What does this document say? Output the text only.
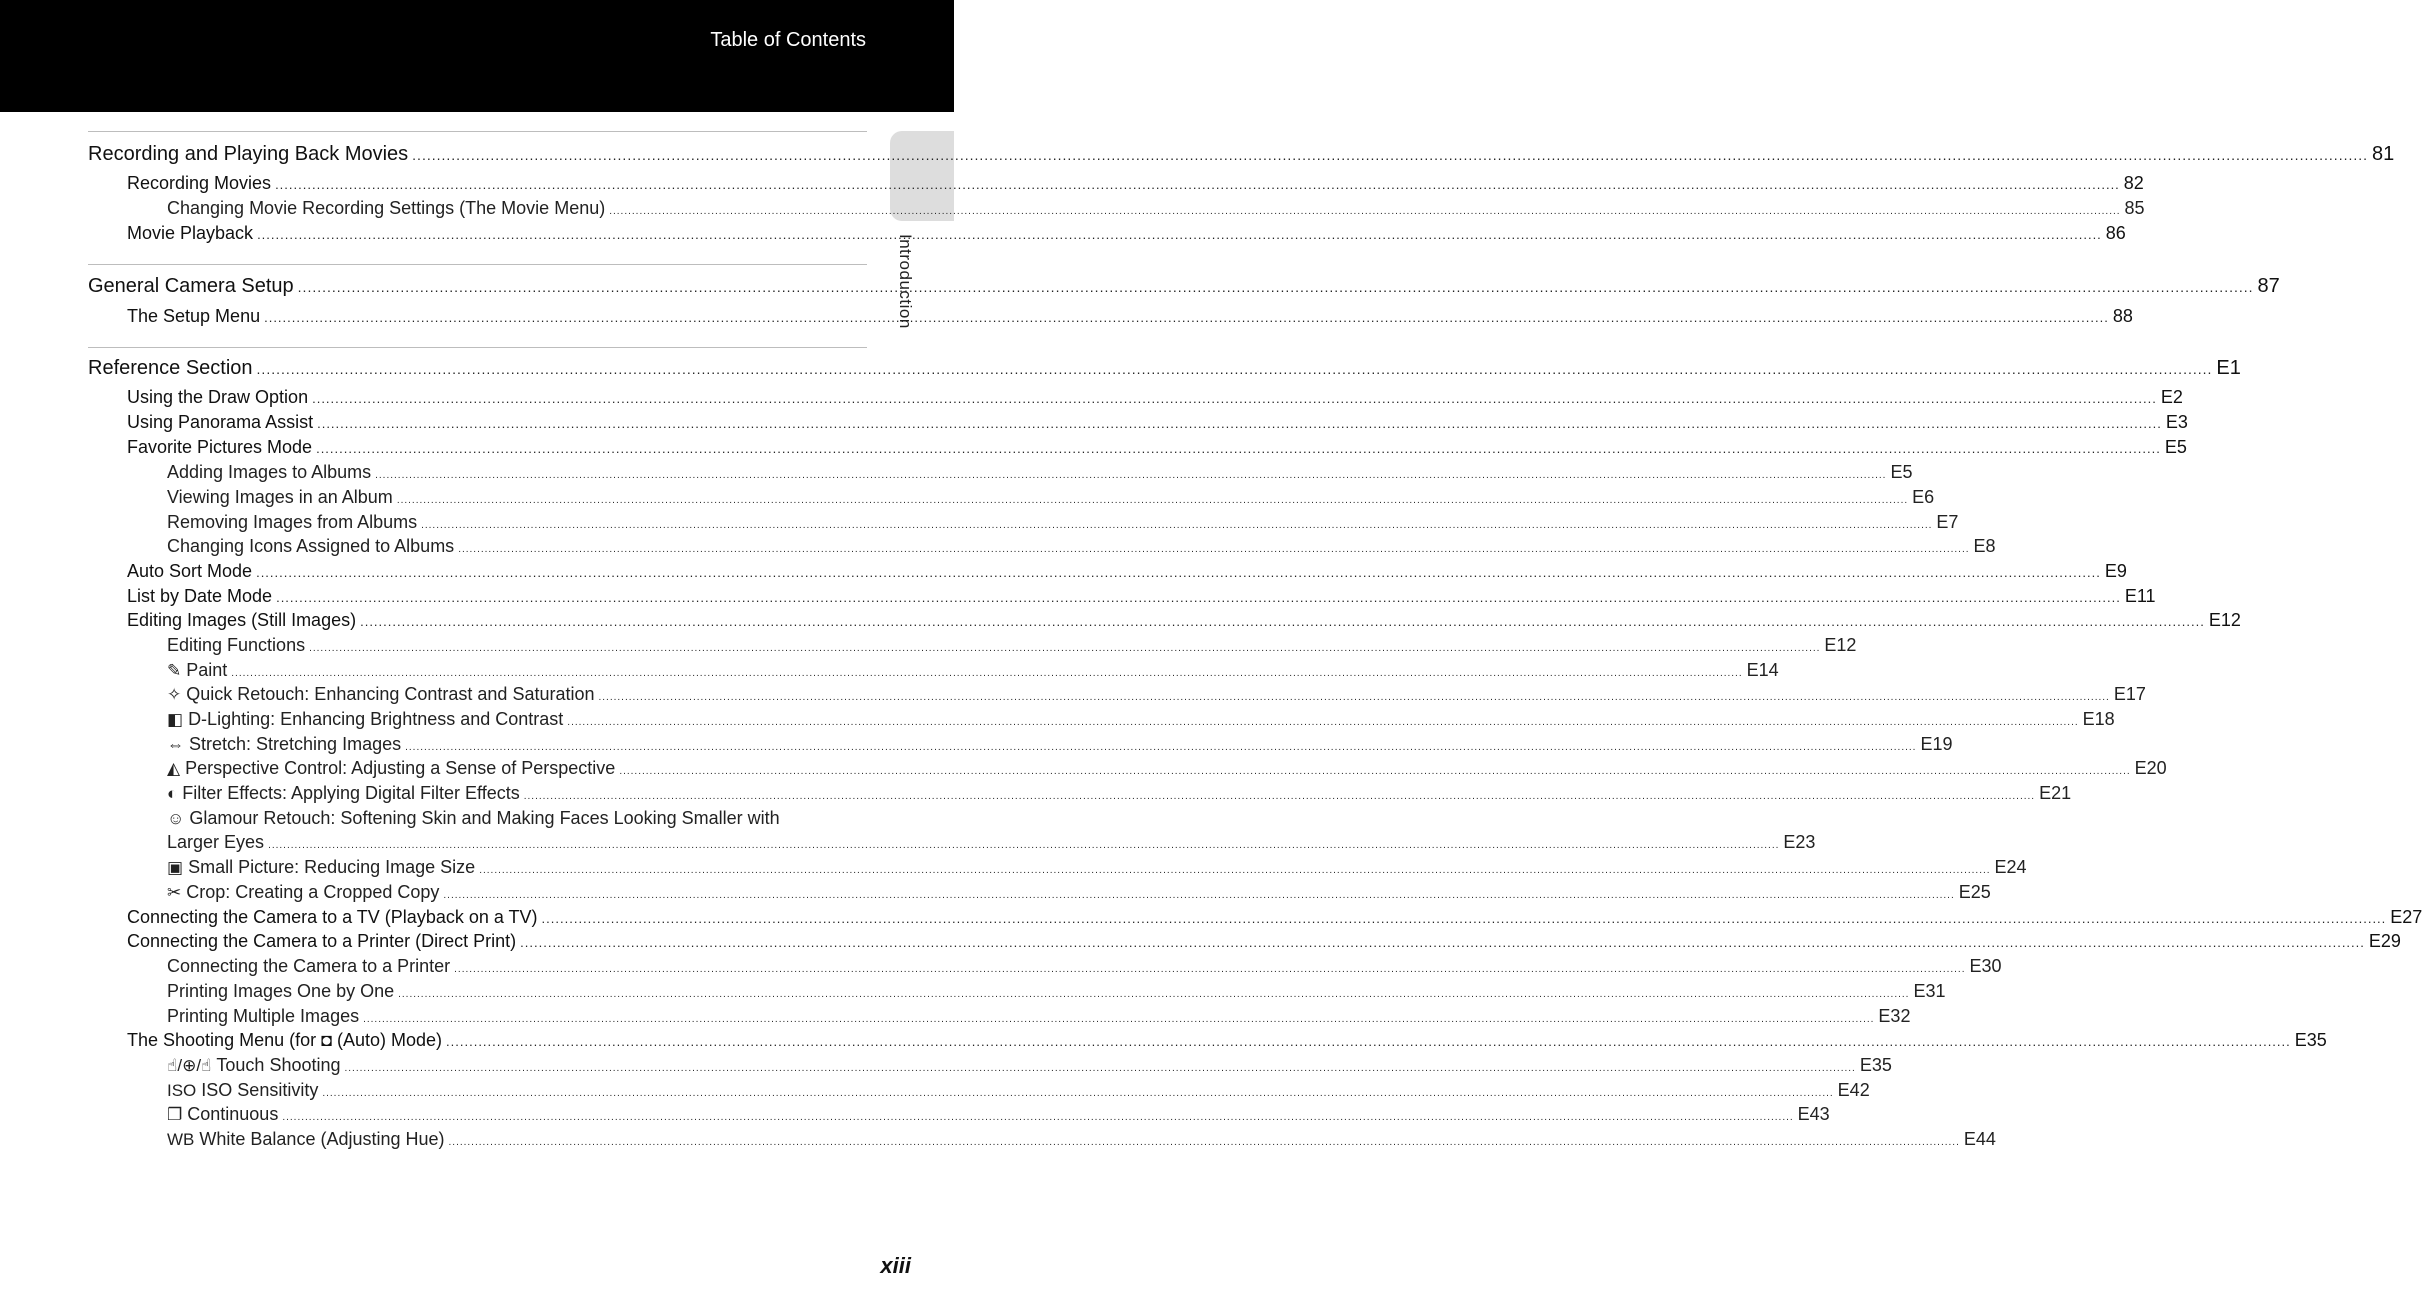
Table of Contents
Introduction
Recording and Playing Back Movies ................................................................................................................................................................................................................................................................................................................................................................................................................ 81
Recording Movies ................................................................................................................................................................................................................................................................................................................................................................................................................ 82
Changing Movie Recording Settings (The Movie Menu) ................................................................................................................................................................................................................................................................................................................................................................................................................ 85
Movie Playback ................................................................................................................................................................................................................................................................................................................................................................................................................ 86
General Camera Setup ................................................................................................................................................................................................................................................................................................................................................................................................................ 87
The Setup Menu ................................................................................................................................................................................................................................................................................................................................................................................................................ 88
Reference Section ................................................................................................................................................................................................................................................................................................................................................................................................................ E1
Using the Draw Option ................................................................................................................................................................................................................................................................................................................................................................................................................ E2
Using Panorama Assist ................................................................................................................................................................................................................................................................................................................................................................................................................ E3
Favorite Pictures Mode ................................................................................................................................................................................................................................................................................................................................................................................................................ E5
Adding Images to Albums ................................................................................................................................................................................................................................................................................................................................................................................................................ E5
Viewing Images in an Album ................................................................................................................................................................................................................................................................................................................................................................................................................ E6
Removing Images from Albums ................................................................................................................................................................................................................................................................................................................................................................................................................ E7
Changing Icons Assigned to Albums ................................................................................................................................................................................................................................................................................................................................................................................................................ E8
Auto Sort Mode ................................................................................................................................................................................................................................................................................................................................................................................................................ E9
List by Date Mode ................................................................................................................................................................................................................................................................................................................................................................................................................ E11
Editing Images (Still Images) ................................................................................................................................................................................................................................................................................................................................................................................................................ E12
Editing Functions ................................................................................................................................................................................................................................................................................................................................................................................................................ E12
✎ Paint ................................................................................................................................................................................................................................................................................................................................................................................................................ E14
✧ Quick Retouch: Enhancing Contrast and Saturation ................................................................................................................................................................................................................................................................................................................................................................................................................ E17
◧ D-Lighting: Enhancing Brightness and Contrast ................................................................................................................................................................................................................................................................................................................................................................................................................ E18
⇔ Stretch: Stretching Images ................................................................................................................................................................................................................................................................................................................................................................................................................ E19
◭ Perspective Control: Adjusting a Sense of Perspective ................................................................................................................................................................................................................................................................................................................................................................................................................ E20
◐ Filter Effects: Applying Digital Filter Effects ................................................................................................................................................................................................................................................................................................................................................................................................................ E21
☺ Glamour Retouch: Softening Skin and Making Faces Looking Smaller with
Larger Eyes ................................................................................................................................................................................................................................................................................................................................................................................................................ E23
▣ Small Picture: Reducing Image Size ................................................................................................................................................................................................................................................................................................................................................................................................................ E24
✂ Crop: Creating a Cropped Copy ................................................................................................................................................................................................................................................................................................................................................................................................................ E25
Connecting the Camera to a TV (Playback on a TV) ................................................................................................................................................................................................................................................................................................................................................................................................................ E27
Connecting the Camera to a Printer (Direct Print) ................................................................................................................................................................................................................................................................................................................................................................................................................ E29
Connecting the Camera to a Printer ................................................................................................................................................................................................................................................................................................................................................................................................................ E30
Printing Images One by One ................................................................................................................................................................................................................................................................................................................................................................................................................ E31
Printing Multiple Images ................................................................................................................................................................................................................................................................................................................................................................................................................ E32
The Shooting Menu (for ◘ (Auto) Mode) ................................................................................................................................................................................................................................................................................................................................................................................................................ E35
☝/⊕/☝ Touch Shooting ................................................................................................................................................................................................................................................................................................................................................................................................................ E35
ISO ISO Sensitivity ................................................................................................................................................................................................................................................................................................................................................................................................................ E42
❐ Continuous ................................................................................................................................................................................................................................................................................................................................................................................................................ E43
WB White Balance (Adjusting Hue) ................................................................................................................................................................................................................................................................................................................................................................................................................ E44
xiii
